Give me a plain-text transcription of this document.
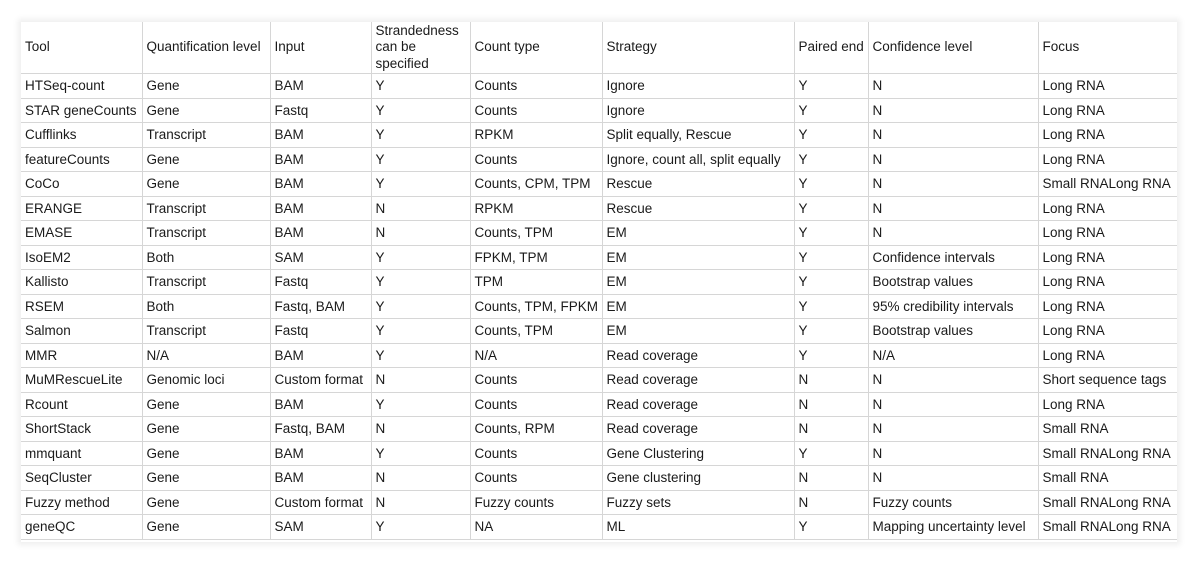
Tool	Quantification level	Input	Strandedness can be specified	Count type	Strategy	Paired end	Confidence level	Focus
HTSeq-count	Gene	BAM	Y	Counts	Ignore	Y	N	Long RNA
STAR geneCounts	Gene	Fastq	Y	Counts	Ignore	Y	N	Long RNA
Cufflinks	Transcript	BAM	Y	RPKM	Split equally, Rescue	Y	N	Long RNA
featureCounts	Gene	BAM	Y	Counts	Ignore, count all, split equally	Y	N	Long RNA
CoCo	Gene	BAM	Y	Counts, CPM, TPM	Rescue	Y	N	Small RNALong RNA
ERANGE	Transcript	BAM	N	RPKM	Rescue	Y	N	Long RNA
EMASE	Transcript	BAM	N	Counts, TPM	EM	Y	N	Long RNA
IsoEM2	Both	SAM	Y	FPKM, TPM	EM	Y	Confidence intervals	Long RNA
Kallisto	Transcript	Fastq	Y	TPM	EM	Y	Bootstrap values	Long RNA
RSEM	Both	Fastq, BAM	Y	Counts, TPM, FPKM	EM	Y	95% credibility intervals	Long RNA
Salmon	Transcript	Fastq	Y	Counts, TPM	EM	Y	Bootstrap values	Long RNA
MMR	N/A	BAM	Y	N/A	Read coverage	Y	N/A	Long RNA
MuMRescueLite	Genomic loci	Custom format	N	Counts	Read coverage	N	N	Short sequence tags
Rcount	Gene	BAM	Y	Counts	Read coverage	N	N	Long RNA
ShortStack	Gene	Fastq, BAM	N	Counts, RPM	Read coverage	N	N	Small RNA
mmquant	Gene	BAM	Y	Counts	Gene Clustering	Y	N	Small RNALong RNA
SeqCluster	Gene	BAM	N	Counts	Gene clustering	N	N	Small RNA
Fuzzy method	Gene	Custom format	N	Fuzzy counts	Fuzzy sets	N	Fuzzy counts	Small RNALong RNA
geneQC	Gene	SAM	Y	NA	ML	Y	Mapping uncertainty level	Small RNALong RNA
